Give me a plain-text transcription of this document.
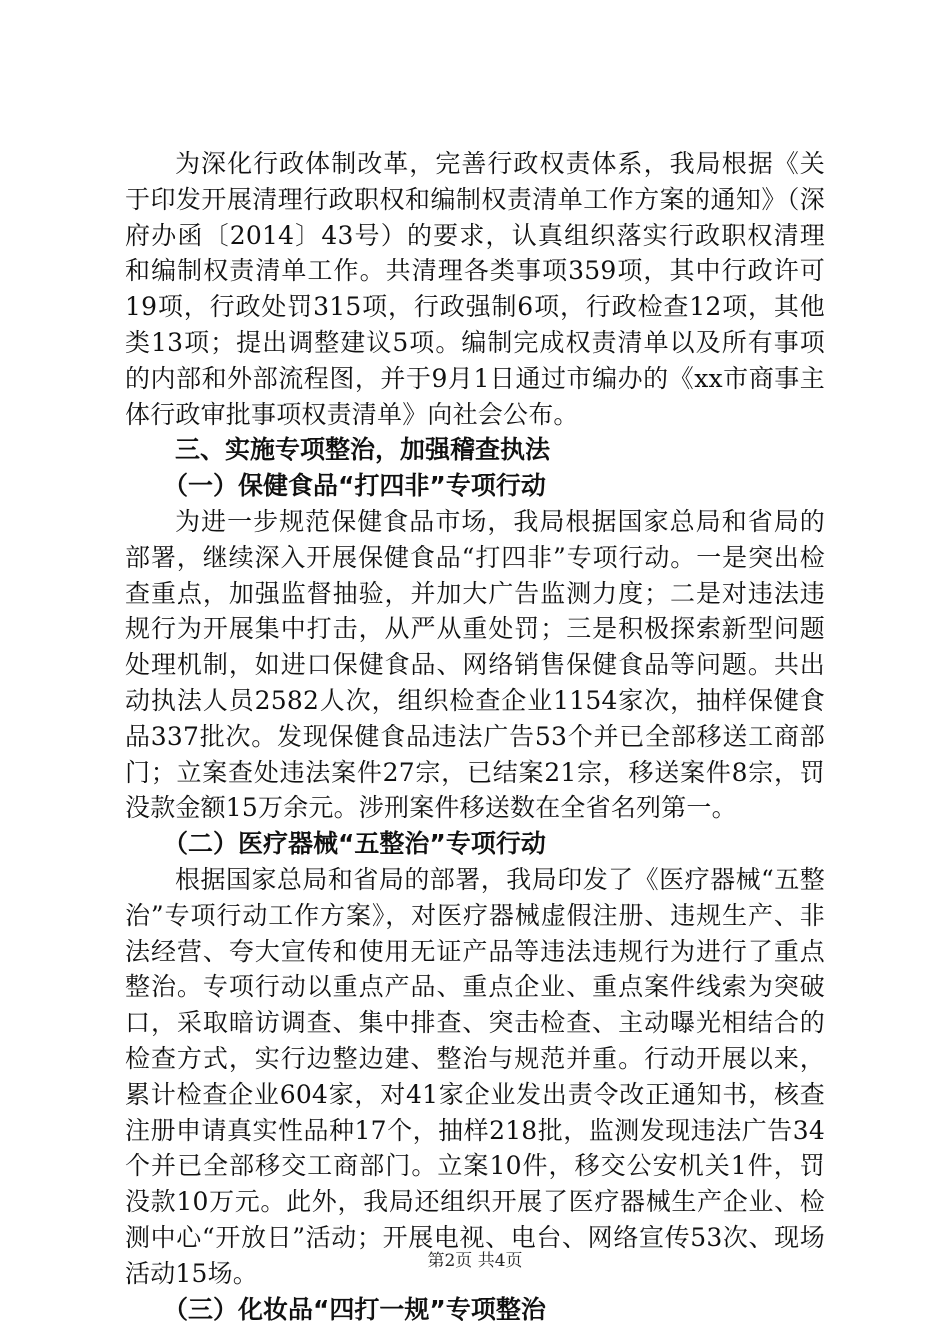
为深化行政体制改革，完善行政权责体系，我局根据《关于印发开展清理行政职权和编制权责清单工作方案的通知》（深府办函〔2014〕43号）的要求，认真组织落实行政职权清理和编制权责清单工作。共清理各类事项359项，其中行政许可19项，行政处罚315项，行政强制6项，行政检查12项，其他类13项；提出调整建议5项。编制完成权责清单以及所有事项的内部和外部流程图，并于9月1日通过市编办的《xx市商事主体行政审批事项权责清单》向社会公布。

三、实施专项整治，加强稽查执法

（一）保健食品“打四非”专项行动

为进一步规范保健食品市场，我局根据国家总局和省局的部署，继续深入开展保健食品“打四非”专项行动。一是突出检查重点，加强监督抽验，并加大广告监测力度；二是对违法违规行为开展集中打击，从严从重处罚；三是积极探索新型问题处理机制，如进口保健食品、网络销售保健食品等问题。共出动执法人员2582人次，组织检查企业1154家次，抽样保健食品337批次。发现保健食品违法广告53个并已全部移送工商部门；立案查处违法案件27宗，已结案21宗，移送案件8宗，罚没款金额15万余元。涉刑案件移送数在全省名列第一。

（二）医疗器械“五整治”专项行动

根据国家总局和省局的部署，我局印发了《医疗器械“五整治”专项行动工作方案》，对医疗器械虚假注册、违规生产、非法经营、夸大宣传和使用无证产品等违法违规行为进行了重点整治。专项行动以重点产品、重点企业、重点案件线索为突破口，采取暗访调查、集中排查、突击检查、主动曝光相结合的检查方式，实行边整边建、整治与规范并重。行动开展以来，累计检查企业604家，对41家企业发出责令改正通知书，核查注册申请真实性品种17个，抽样218批，监测发现违法广告34个并已全部移交工商部门。立案10件，移交公安机关1件，罚没款10万元。此外，我局还组织开展了医疗器械生产企业、检测中心“开放日”活动；开展电视、电台、网络宣传53次、现场活动15场。

（三）化妆品“四打一规”专项整治

第2页 共4页
